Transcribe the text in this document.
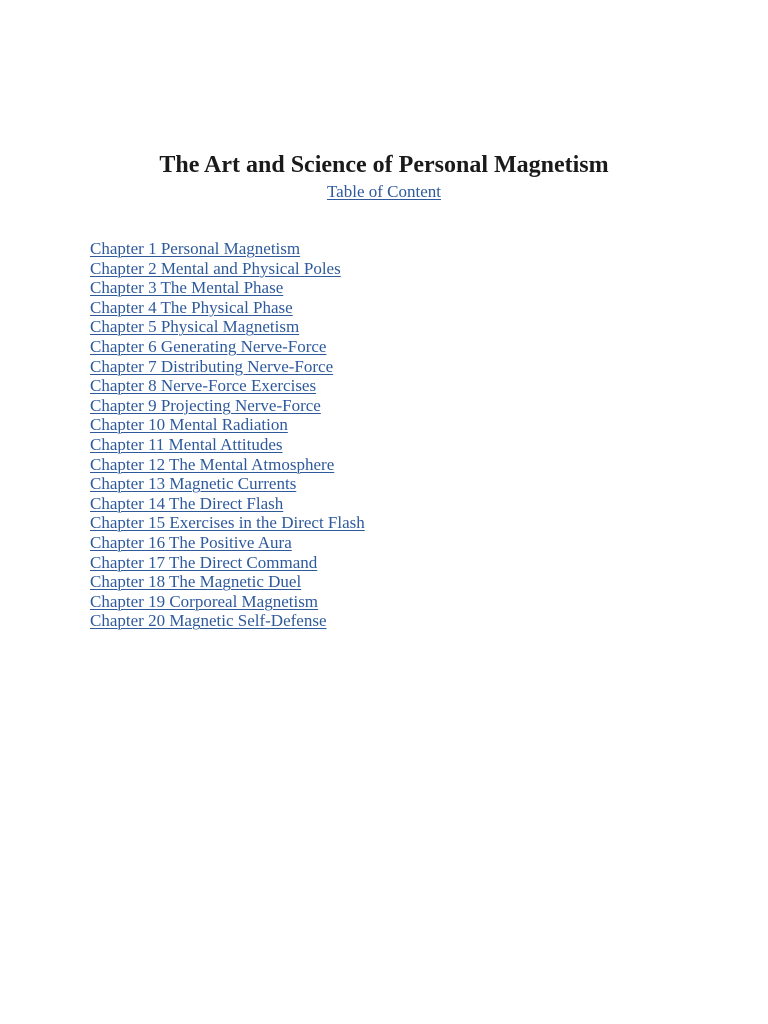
The Art and Science of Personal Magnetism
Table of Content
Chapter 1 Personal Magnetism
Chapter 2 Mental and Physical Poles
Chapter 3 The Mental Phase
Chapter 4 The Physical Phase
Chapter 5 Physical Magnetism
Chapter 6 Generating Nerve-Force
Chapter 7 Distributing Nerve-Force
Chapter 8 Nerve-Force Exercises
Chapter 9 Projecting Nerve-Force
Chapter 10 Mental Radiation
Chapter 11 Mental Attitudes
Chapter 12 The Mental Atmosphere
Chapter 13 Magnetic Currents
Chapter 14 The Direct Flash
Chapter 15 Exercises in the Direct Flash
Chapter 16 The Positive Aura
Chapter 17 The Direct Command
Chapter 18 The Magnetic Duel
Chapter 19 Corporeal Magnetism
Chapter 20 Magnetic Self-Defense
